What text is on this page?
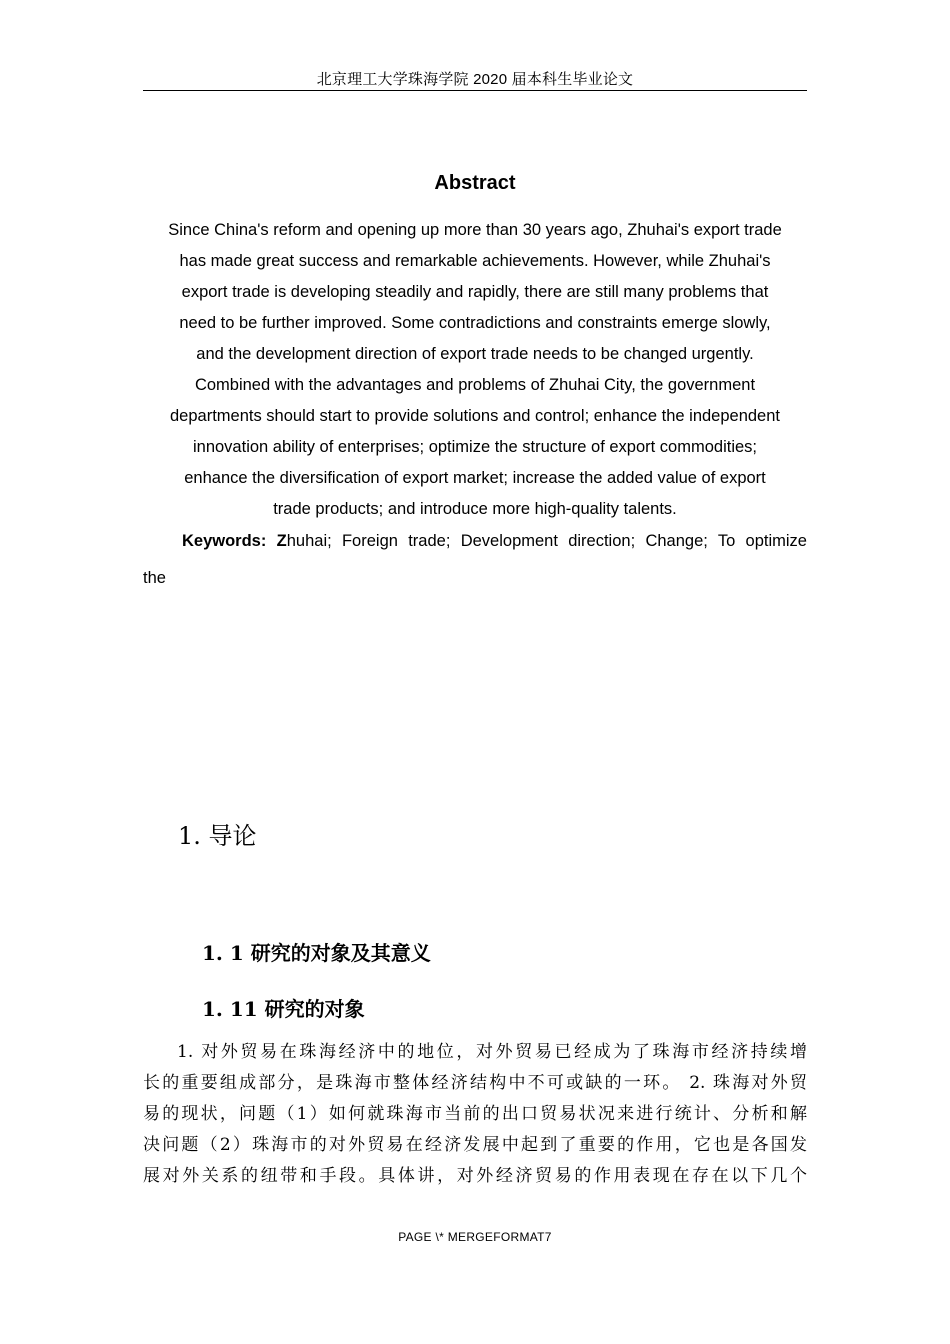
北京理工大学珠海学院 2020 届本科生毕业论文
Abstract
Since China's reform and opening up more than 30 years ago, Zhuhai's export trade
has made great success and remarkable achievements. However, while Zhuhai's
export trade is developing steadily and rapidly, there are still many problems that
need to be further improved. Some contradictions and constraints emerge slowly,
and the development direction of export trade needs to be changed urgently.
Combined with the advantages and problems of Zhuhai City, the government
departments should start to provide solutions and control; enhance the independent
innovation ability of enterprises; optimize the structure of export commodities;
enhance the diversification of export market; increase the added value of export
trade products; and introduce more high-quality talents.
Keywords: Zhuhai; Foreign trade; Development direction; Change; To optimize
the
1. 导论
1. 1 研究的对象及其意义
1. 11 研究的对象
1. 对外贸易在珠海经济中的地位，对外贸易已经成为了珠海市经济持续增
长的重要组成部分，是珠海市整体经济结构中不可或缺的一环。 2. 珠海对外贸
易的现状，问题（1）如何就珠海市当前的出口贸易状况来进行统计、分析和解
决问题（2）珠海市的对外贸易在经济发展中起到了重要的作用，它也是各国发
展对外关系的纽带和手段。具体讲，对外经济贸易的作用表现在存在以下几个
PAGE \* MERGEFORMAT7
